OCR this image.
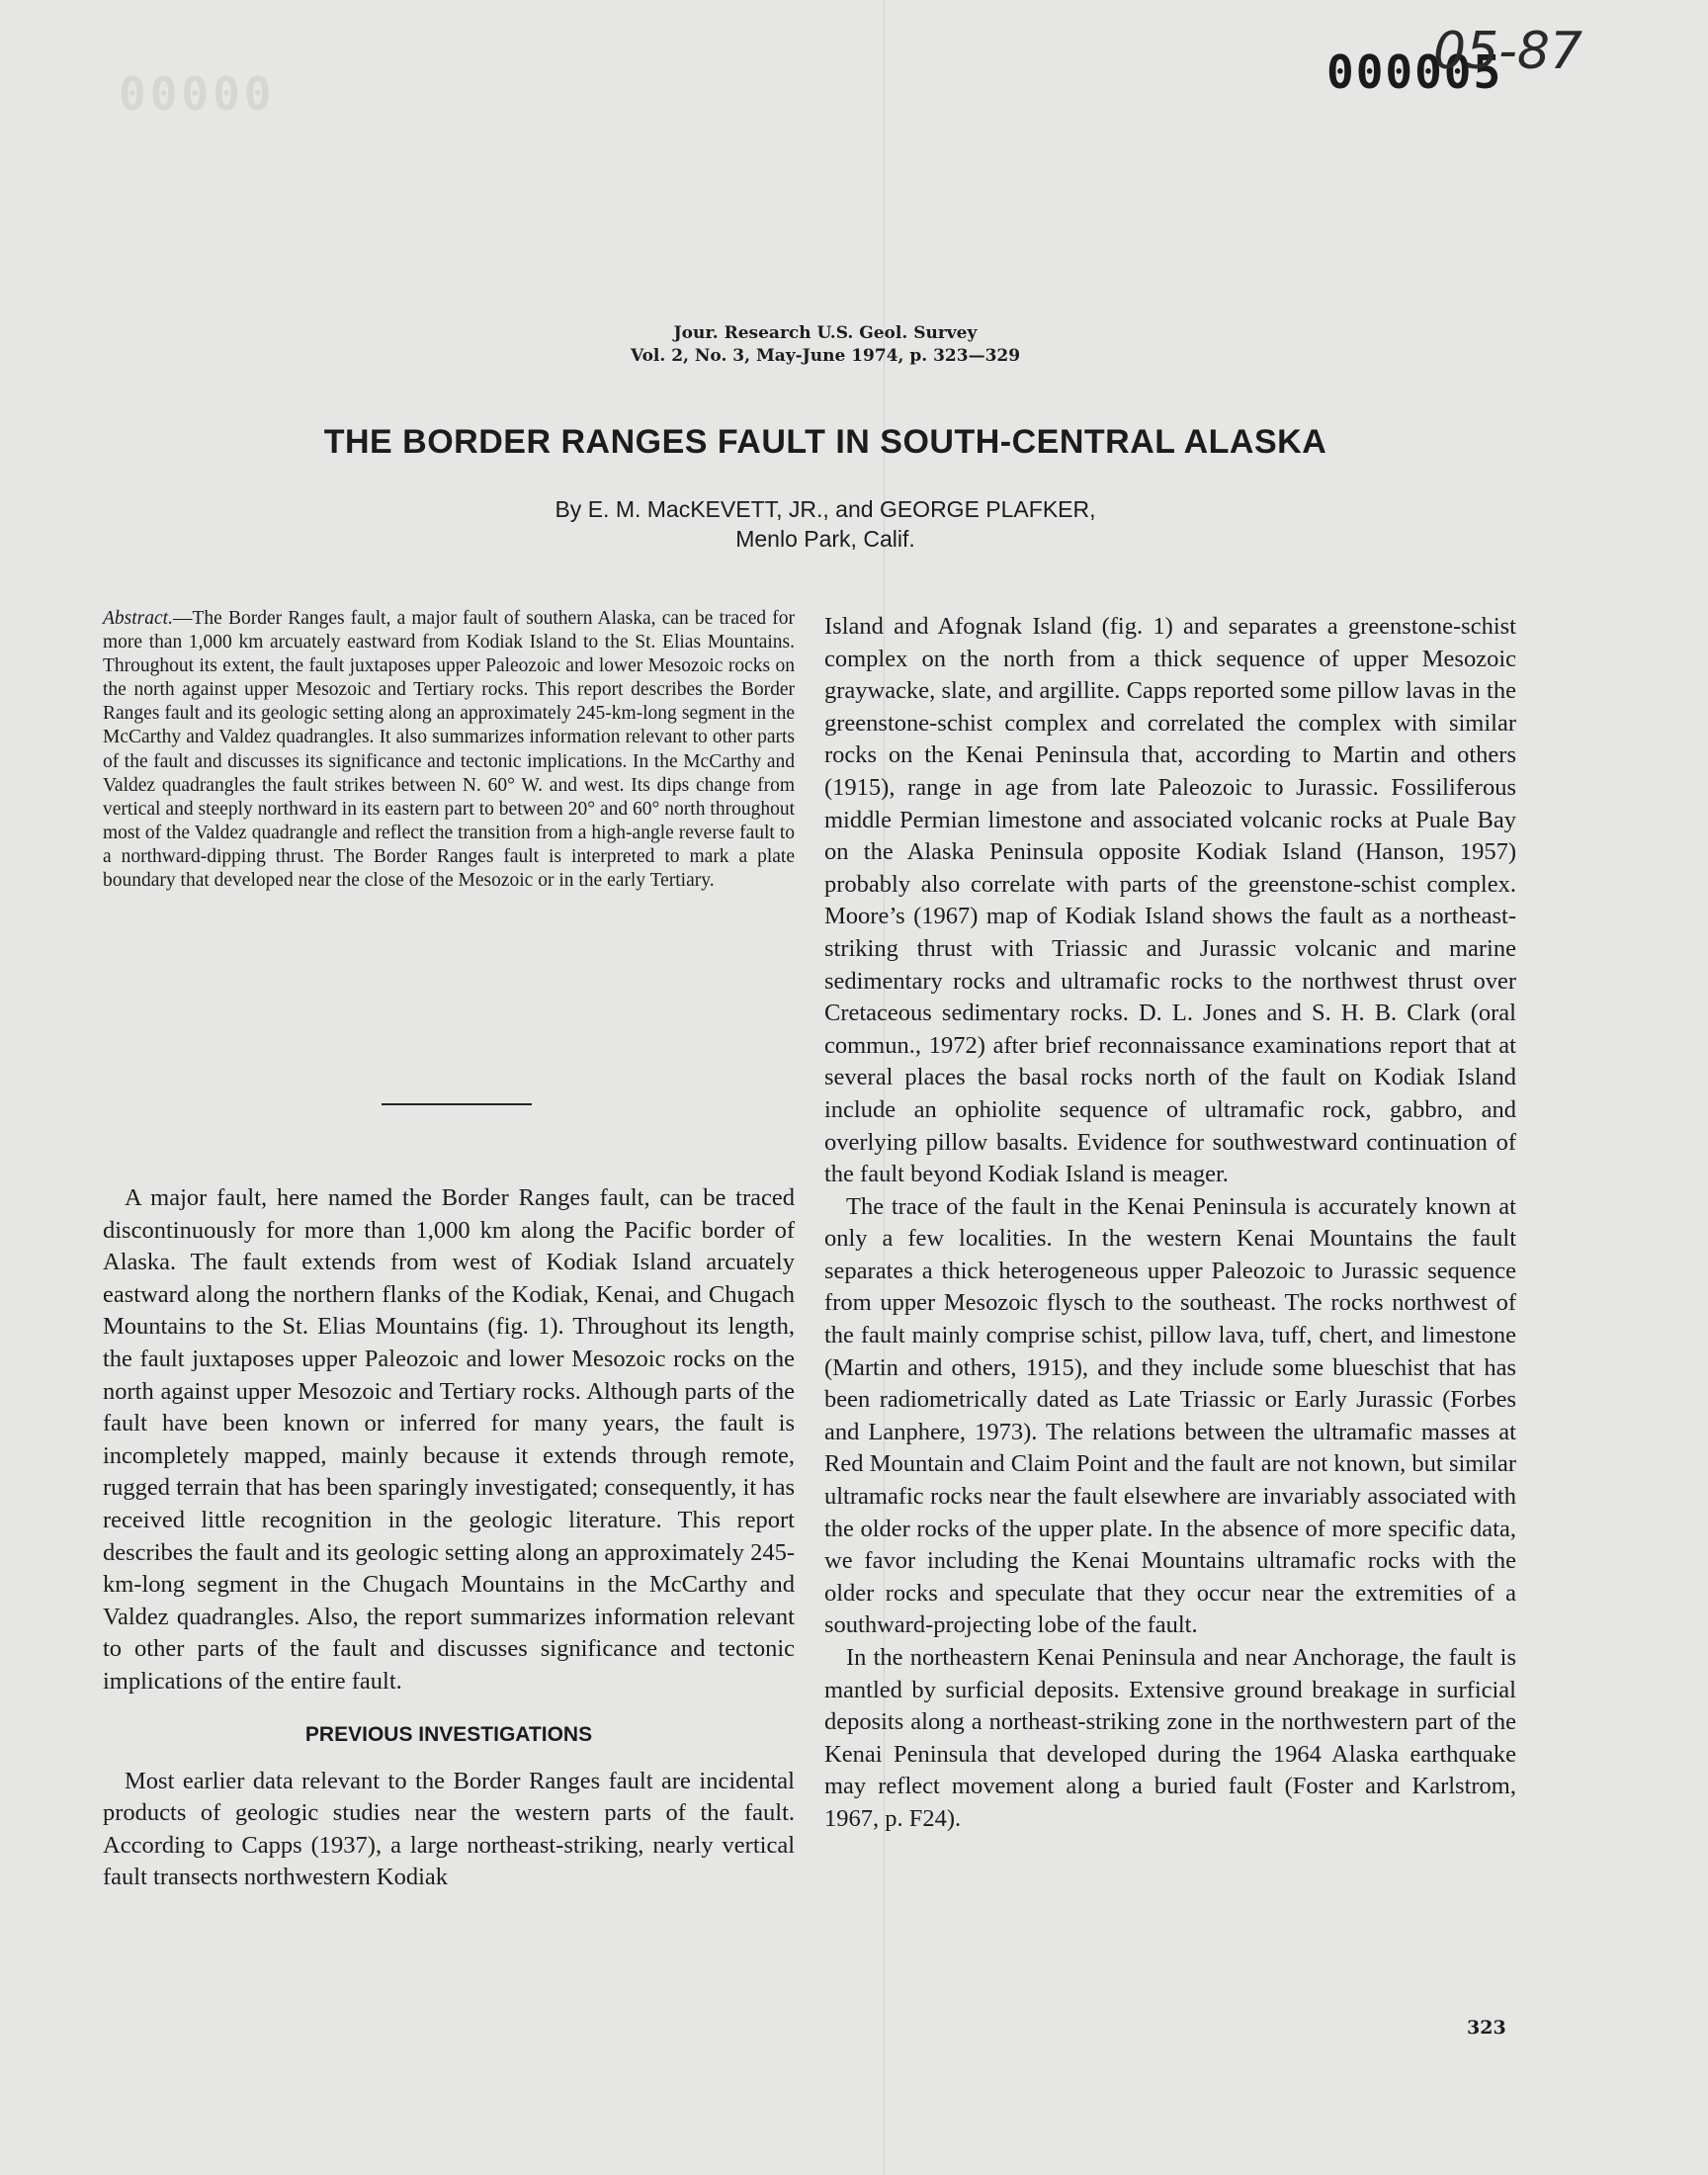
00000	000005
05-87
Jour. Research U.S. Geol. Survey
Vol. 2, No. 3, May-June 1974, p. 323—329
THE BORDER RANGES FAULT IN SOUTH-CENTRAL ALASKA
By E. M. MacKEVETT, JR., and GEORGE PLAFKER,
Menlo Park, Calif.

Abstract.—The Border Ranges fault, a major fault of southern Alaska, can be traced for more than 1,000 km arcuately eastward from Kodiak Island to the St. Elias Mountains. Throughout its extent, the fault juxtaposes upper Paleozoic and lower Mesozoic rocks on the north against upper Mesozoic and Tertiary rocks. This report describes the Border Ranges fault and its geologic setting along an approximately 245-km-long segment in the McCarthy and Valdez quadrangles. It also summarizes information relevant to other parts of the fault and discusses its significance and tectonic implications. In the McCarthy and Valdez quadrangles the fault strikes between N. 60° W. and west. Its dips change from vertical and steeply northward in its eastern part to between 20° and 60° north throughout most of the Valdez quadrangle and reflect the transition from a high-angle reverse fault to a northward-dipping thrust. The Border Ranges fault is interpreted to mark a plate boundary that developed near the close of the Mesozoic or in the early Tertiary.

A major fault, here named the Border Ranges fault, can be traced discontinuously for more than 1,000 km along the Pacific border of Alaska. The fault extends from west of Kodiak Island arcuately eastward along the northern flanks of the Kodiak, Kenai, and Chugach Mountains to the St. Elias Mountains (fig. 1). Throughout its length, the fault juxtaposes upper Paleozoic and lower Mesozoic rocks on the north against upper Mesozoic and Tertiary rocks. Although parts of the fault have been known or inferred for many years, the fault is incompletely mapped, mainly because it extends through remote, rugged terrain that has been sparingly investigated; consequently, it has received little recognition in the geologic literature. This report describes the fault and its geologic setting along an approximately 245-km-long segment in the Chugach Mountains in the McCarthy and Valdez quadrangles. Also, the report summarizes information relevant to other parts of the fault and discusses significance and tectonic implications of the entire fault.

PREVIOUS INVESTIGATIONS

Most earlier data relevant to the Border Ranges fault are incidental products of geologic studies near the western parts of the fault. According to Capps (1937), a large northeast-striking, nearly vertical fault transects northwestern Kodiak

Island and Afognak Island (fig. 1) and separates a greenstone-schist complex on the north from a thick sequence of upper Mesozoic graywacke, slate, and argillite. Capps reported some pillow lavas in the greenstone-schist complex and correlated the complex with similar rocks on the Kenai Peninsula that, according to Martin and others (1915), range in age from late Paleozoic to Jurassic. Fossiliferous middle Permian limestone and associated volcanic rocks at Puale Bay on the Alaska Peninsula opposite Kodiak Island (Hanson, 1957) probably also correlate with parts of the greenstone-schist complex. Moore’s (1967) map of Kodiak Island shows the fault as a northeast-striking thrust with Triassic and Jurassic volcanic and marine sedimentary rocks and ultramafic rocks to the northwest thrust over Cretaceous sedimentary rocks. D. L. Jones and S. H. B. Clark (oral commun., 1972) after brief reconnaissance examinations report that at several places the basal rocks north of the fault on Kodiak Island include an ophiolite sequence of ultramafic rock, gabbro, and overlying pillow basalts. Evidence for southwestward continuation of the fault beyond Kodiak Island is meager.

The trace of the fault in the Kenai Peninsula is accurately known at only a few localities. In the western Kenai Mountains the fault separates a thick heterogeneous upper Paleozoic to Jurassic sequence from upper Mesozoic flysch to the southeast. The rocks northwest of the fault mainly comprise schist, pillow lava, tuff, chert, and limestone (Martin and others, 1915), and they include some blueschist that has been radiometrically dated as Late Triassic or Early Jurassic (Forbes and Lanphere, 1973). The relations between the ultramafic masses at Red Mountain and Claim Point and the fault are not known, but similar ultramafic rocks near the fault elsewhere are invariably associated with the older rocks of the upper plate. In the absence of more specific data, we favor including the Kenai Mountains ultramafic rocks with the older rocks and speculate that they occur near the extremities of a southward-projecting lobe of the fault.

In the northeastern Kenai Peninsula and near Anchorage, the fault is mantled by surficial deposits. Extensive ground breakage in surficial deposits along a northeast-striking zone in the northwestern part of the Kenai Peninsula that developed during the 1964 Alaska earthquake may reflect movement along a buried fault (Foster and Karlstrom, 1967, p. F24).

323
